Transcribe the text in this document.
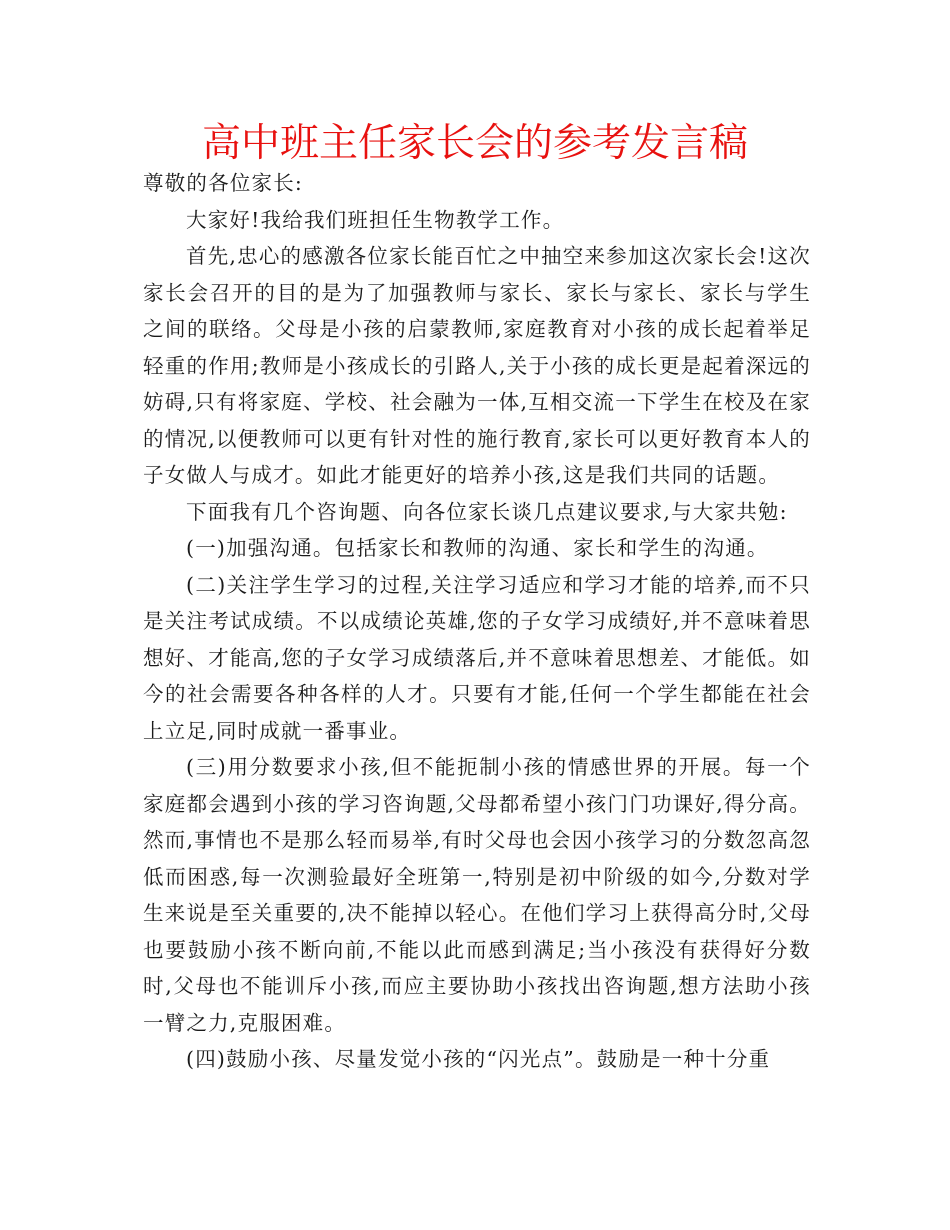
高中班主任家长会的参考发言稿

尊敬的各位家长:

大家好!我给我们班担任生物教学工作。

首先,忠心的感激各位家长能百忙之中抽空来参加这次家长会!这次家长会召开的目的是为了加强教师与家长、家长与家长、家长与学生之间的联络。父母是小孩的启蒙教师,家庭教育对小孩的成长起着举足轻重的作用;教师是小孩成长的引路人,关于小孩的成长更是起着深远的妨碍,只有将家庭、学校、社会融为一体,互相交流一下学生在校及在家的情况,以便教师可以更有针对性的施行教育,家长可以更好教育本人的子女做人与成才。如此才能更好的培养小孩,这是我们共同的话题。

下面我有几个咨询题、向各位家长谈几点建议要求,与大家共勉:

(一)加强沟通。包括家长和教师的沟通、家长和学生的沟通。

(二)关注学生学习的过程,关注学习适应和学习才能的培养,而不只是关注考试成绩。不以成绩论英雄,您的子女学习成绩好,并不意味着思想好、才能高,您的子女学习成绩落后,并不意味着思想差、才能低。如今的社会需要各种各样的人才。只要有才能,任何一个学生都能在社会上立足,同时成就一番事业。

(三)用分数要求小孩,但不能扼制小孩的情感世界的开展。每一个家庭都会遇到小孩的学习咨询题,父母都希望小孩门门功课好,得分高。然而,事情也不是那么轻而易举,有时父母也会因小孩学习的分数忽高忽低而困惑,每一次测验最好全班第一,特别是初中阶级的如今,分数对学生来说是至关重要的,决不能掉以轻心。在他们学习上获得高分时,父母也要鼓励小孩不断向前,不能以此而感到满足;当小孩没有获得好分数时,父母也不能训斥小孩,而应主要协助小孩找出咨询题,想方法助小孩一臂之力,克服困难。

(四)鼓励小孩、尽量发觉小孩的“闪光点”。鼓励是一种十分重
